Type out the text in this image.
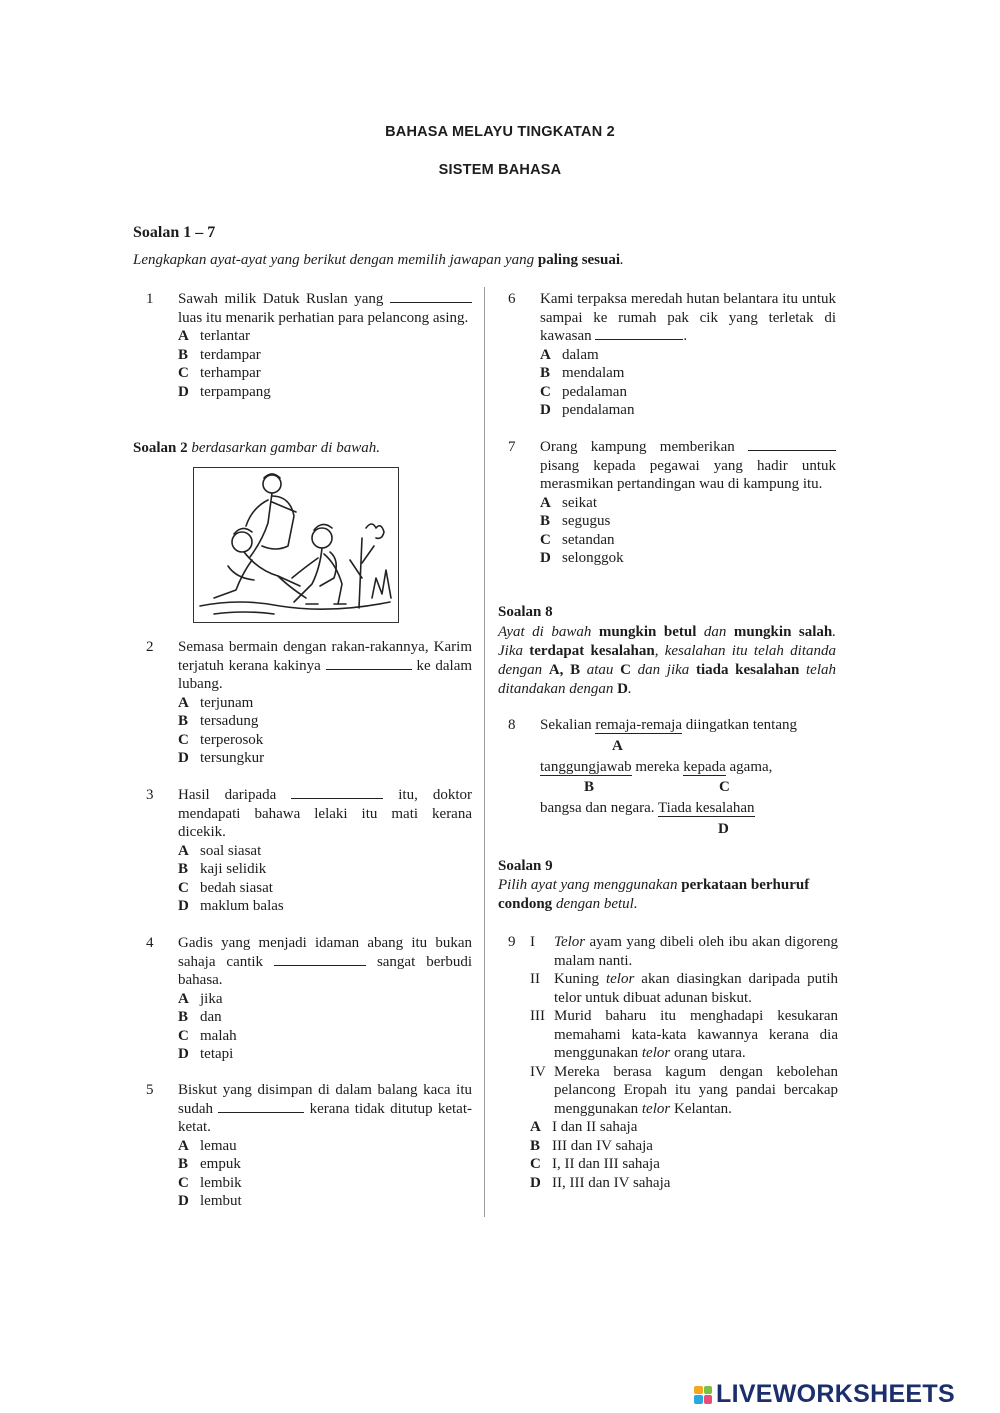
BAHASA MELAYU TINGKATAN 2
SISTEM BAHASA
Soalan 1 – 7
Lengkapkan ayat-ayat yang berikut dengan memilih jawapan yang paling sesuai.
1	Sawah milik Datuk Ruslan yang  luas itu menarik perhatian para pelancong asing.
A terlantar
B terdampar
C terhampar
D terpampang
Soalan 2 berdasarkan gambar di bawah.
2	Semasa bermain dengan rakan-rakannya, Karim terjatuh kerana kakinya	ke dalam lubang.
A terjunam
B tersadung
C terperosok
D tersungkur
3	Hasil daripada	itu, doktor mendapati bahawa lelaki itu mati kerana dicekik.
A soal siasat
B kaji selidik
C bedah siasat
D maklum balas
4	Gadis yang menjadi idaman abang itu bukan sahaja cantik	sangat berbudi bahasa.
A jika
B dan
C malah
D tetapi
5	Biskut yang disimpan di dalam balang kaca itu sudah	kerana tidak ditutup ketat-ketat.
A lemau
B empuk
C lembik
D lembut
6	Kami terpaksa meredah hutan belantara itu untuk sampai ke rumah pak cik yang terletak di kawasan	.
A dalam
B mendalam
C pedalaman
D pendalaman
7	Orang kampung memberikan  pisang kepada pegawai yang hadir untuk merasmikan pertandingan wau di kampung itu.
A seikat
B segugus
C setandan
D selonggok
Soalan 8
Ayat di bawah mungkin betul dan mungkin salah. Jika terdapat kesalahan, kesalahan itu telah ditanda dengan A, B atau C dan jika tiada kesalahan telah ditandakan dengan D.
8	Sekalian remaja-remaja diingatkan tentang
A
tanggungjawab mereka kepada agama,
B	C
bangsa dan negara. Tiada kesalahan
D
Soalan 9
Pilih ayat yang menggunakan perkataan berhuruf condong dengan betul.
9 I	Telor ayam yang dibeli oleh ibu akan digoreng malam nanti.
II Kuning telor akan diasingkan daripada putih telor untuk dibuat adunan biskut.
III Murid baharu itu menghadapi kesukaran memahami kata-kata kawannya kerana dia menggunakan telor orang utara.
IV Mereka berasa kagum dengan kebolehan pelancong Eropah itu yang pandai bercakap menggunakan telor Kelantan.
A I dan II sahaja
B III dan IV sahaja
C I, II dan III sahaja
D II, III dan IV sahaja
LIVEWORKSHEETS
